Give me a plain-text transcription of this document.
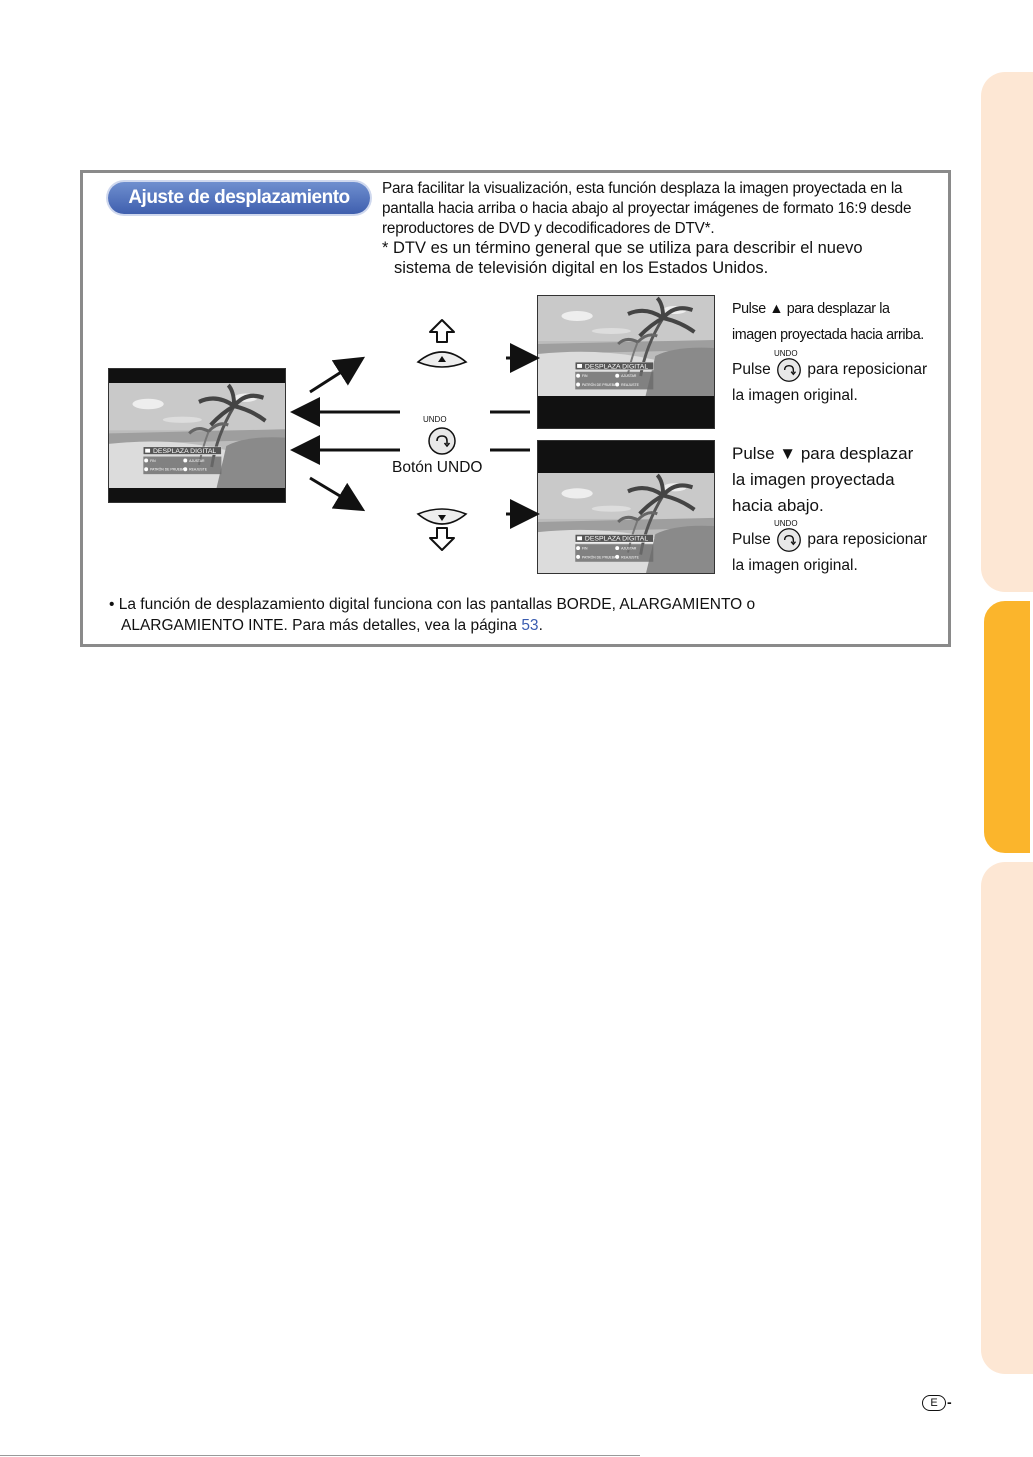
Ajuste de desplazamiento digital
Para facilitar la visualización, esta función desplaza la imagen proyectada en la pantalla hacia arriba o hacia abajo al proyectar imágenes de formato 16:9 desde reproductores de DVD y decodificadores de DTV*.
* DTV es un término general que se utiliza para describir el nuevo
sistema de televisión digital en los Estados Unidos.
DESPLAZA DIGITAL
FIN	AJUSTAR
PATRÓN DE PRUEBA REAJUSTE
DESPLAZA DIGITAL
FIN	AJUSTAR
PATRÓN DE PRUEBA REAJUSTE
DESPLAZA DIGITAL
FIN	AJUSTAR
PATRÓN DE PRUEBA REAJUSTE
UNDO
Botón UNDO
Pulse ▲ para desplazar la
imagen proyectada hacia arriba.
UNDO
Pulse para reposicionar
la imagen original.
Pulse ▼ para desplazar
la imagen proyectada
hacia abajo.
UNDO
Pulse para reposicionar
la imagen original.
• La función de desplazamiento digital funciona con las pantallas BORDE, ALARGAMIENTO o
ALARGAMIENTO INTE. Para más detalles, vea la página 53.
E -
